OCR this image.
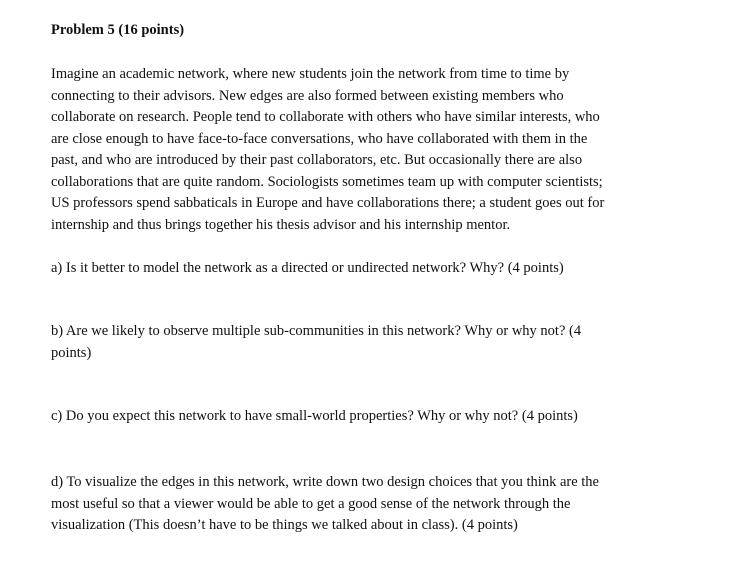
Problem 5 (16 points)
Imagine an academic network, where new students join the network from time to time by
connecting to their advisors. New edges are also formed between existing members who
collaborate on research. People tend to collaborate with others who have similar interests, who
are close enough to have face-to-face conversations, who have collaborated with them in the
past, and who are introduced by their past collaborators, etc. But occasionally there are also
collaborations that are quite random. Sociologists sometimes team up with computer scientists;
US professors spend sabbaticals in Europe and have collaborations there; a student goes out for
internship and thus brings together his thesis advisor and his internship mentor.
a) Is it better to model the network as a directed or undirected network? Why? (4 points)
b) Are we likely to observe multiple sub-communities in this network? Why or why not? (4
points)
c) Do you expect this network to have small-world properties? Why or why not? (4 points)
d) To visualize the edges in this network, write down two design choices that you think are the
most useful so that a viewer would be able to get a good sense of the network through the
visualization (This doesn’t have to be things we talked about in class). (4 points)
